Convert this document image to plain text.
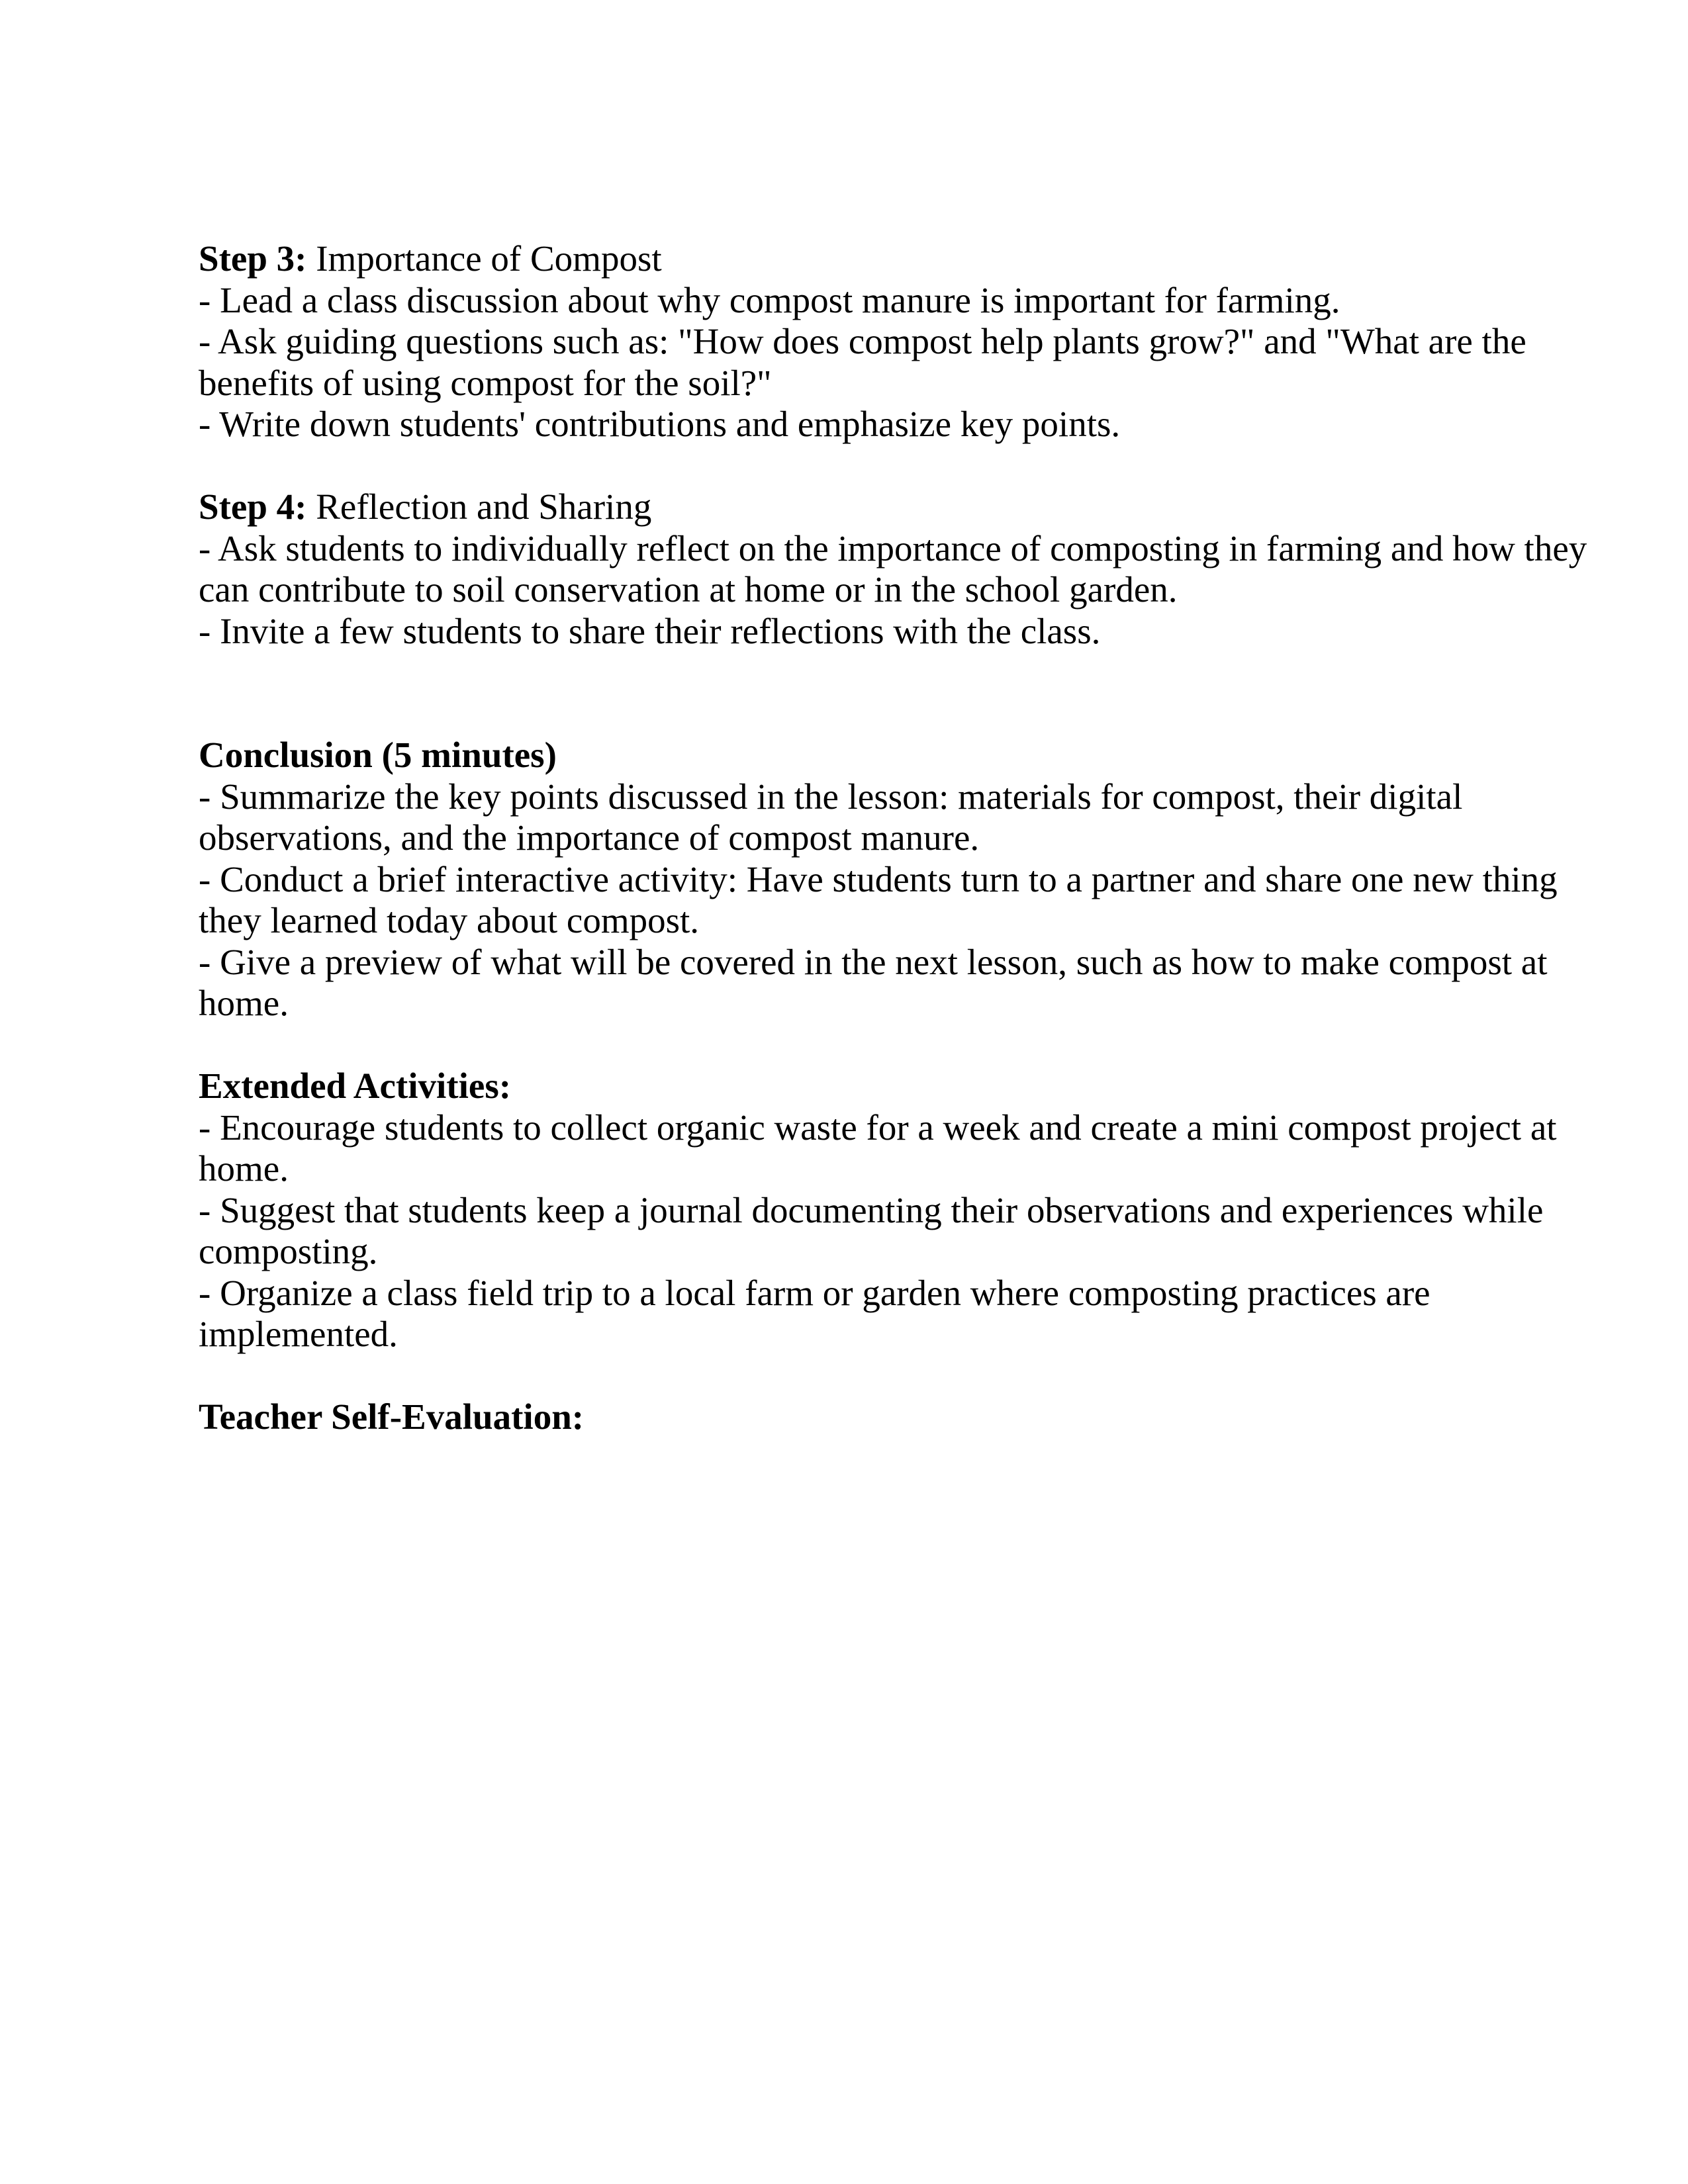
Step 3: Importance of Compost
- Lead a class discussion about why compost manure is important for farming.
- Ask guiding questions such as: "How does compost help plants grow?" and "What are the
benefits of using compost for the soil?"
- Write down students' contributions and emphasize key points.
Step 4: Reflection and Sharing
- Ask students to individually reflect on the importance of composting in farming and how they
can contribute to soil conservation at home or in the school garden.
- Invite a few students to share their reflections with the class.
Conclusion (5 minutes)
- Summarize the key points discussed in the lesson: materials for compost, their digital
observations, and the importance of compost manure.
- Conduct a brief interactive activity: Have students turn to a partner and share one new thing
they learned today about compost.
- Give a preview of what will be covered in the next lesson, such as how to make compost at
home.
Extended Activities:
- Encourage students to collect organic waste for a week and create a mini compost project at
home.
- Suggest that students keep a journal documenting their observations and experiences while
composting.
- Organize a class field trip to a local farm or garden where composting practices are
implemented.
Teacher Self-Evaluation:
